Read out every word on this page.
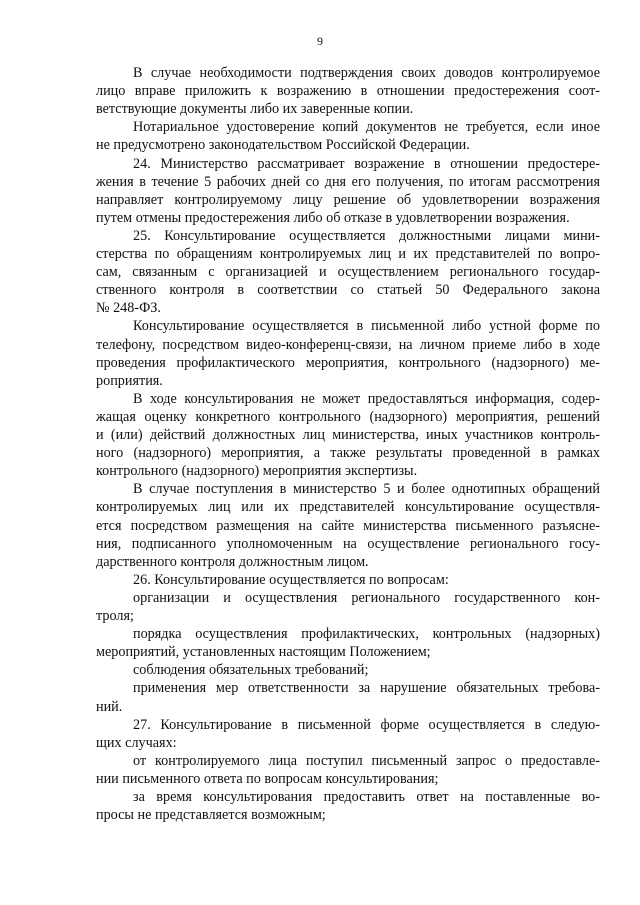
9
В случае необходимости подтверждения своих доводов контролируемое
лицо вправе приложить к возражению в отношении предостережения соот-
ветствующие документы либо их заверенные копии.
Нотариальное удостоверение копий документов не требуется, если иное
не предусмотрено законодательством Российской Федерации.
24. Министерство рассматривает возражение в отношении предостере-
жения в течение 5 рабочих дней со дня его получения, по итогам рассмотрения
направляет контролируемому лицу решение об удовлетворении возражения
путем отмены предостережения либо об отказе в удовлетворении возражения.
25. Консультирование осуществляется должностными лицами мини-
стерства по обращениям контролируемых лиц и их представителей по вопро-
сам, связанным с организацией и осуществлением регионального государ-
ственного контроля в соответствии со статьей 50 Федерального закона
№ 248-ФЗ.
Консультирование осуществляется в письменной либо устной форме по
телефону, посредством видео-конференц-связи, на личном приеме либо в ходе
проведения профилактического мероприятия, контрольного (надзорного) ме-
роприятия.
В ходе консультирования не может предоставляться информация, содер-
жащая оценку конкретного контрольного (надзорного) мероприятия, решений
и (или) действий должностных лиц министерства, иных участников контроль-
ного (надзорного) мероприятия, а также результаты проведенной в рамках
контрольного (надзорного) мероприятия экспертизы.
В случае поступления в министерство 5 и более однотипных обращений
контролируемых лиц или их представителей консультирование осуществля-
ется посредством размещения на сайте министерства письменного разъясне-
ния, подписанного уполномоченным на осуществление регионального госу-
дарственного контроля должностным лицом.
26. Консультирование осуществляется по вопросам:
организации и осуществления регионального государственного кон-
троля;
порядка осуществления профилактических, контрольных (надзорных)
мероприятий, установленных настоящим Положением;
соблюдения обязательных требований;
применения мер ответственности за нарушение обязательных требова-
ний.
27. Консультирование в письменной форме осуществляется в следую-
щих случаях:
от контролируемого лица поступил письменный запрос о предоставле-
нии письменного ответа по вопросам консультирования;
за время консультирования предоставить ответ на поставленные во-
просы не представляется возможным;
